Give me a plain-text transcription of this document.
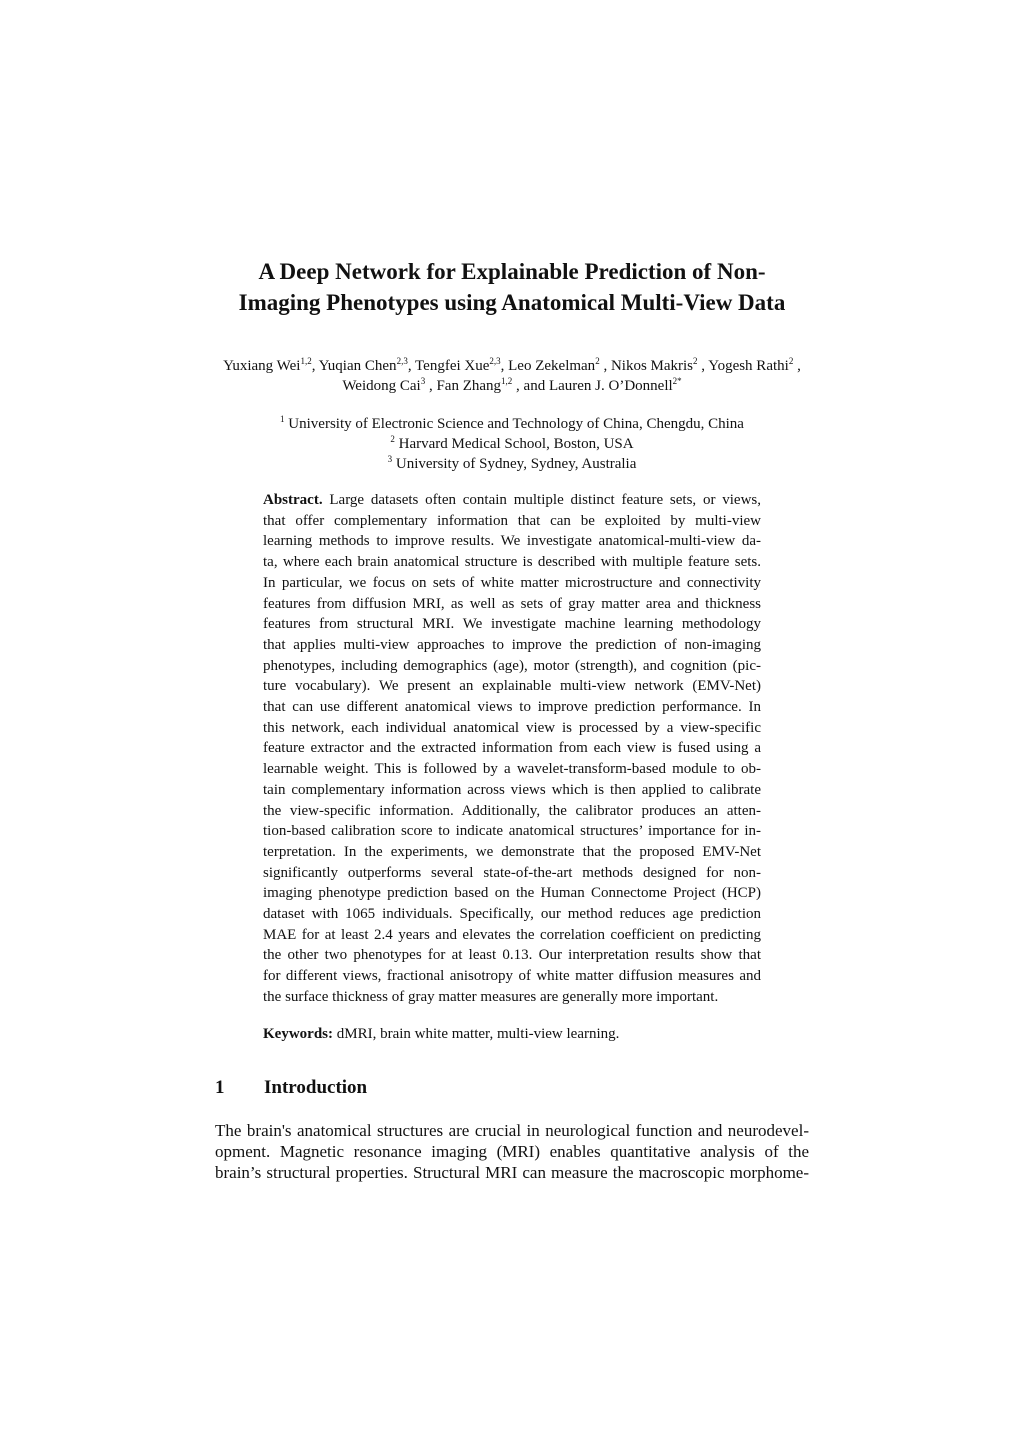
A Deep Network for Explainable Prediction of Non-
Imaging Phenotypes using Anatomical Multi-View Data
Yuxiang Wei$^{1,2}$, Yuqian Chen$^{2,3}$, Tengfei Xue$^{2,3}$, Leo Zekelman$^2$ , Nikos Makris$^2$ , Yogesh Rathi$^2$ , Weidong Cai$^3$ , Fan Zhang$^{1,2}$ , and Lauren J. O’Donnell$^{2*}$
$^1$ University of Electronic Science and Technology of China, Chengdu, China
$^2$ Harvard Medical School, Boston, USA
$^3$ University of Sydney, Sydney, Australia
Abstract. Large datasets often contain multiple distinct feature sets, or views,
that offer complementary information that can be exploited by multi-view
learning methods to improve results. We investigate anatomical-multi-view da-
ta, where each brain anatomical structure is described with multiple feature sets.
In particular, we focus on sets of white matter microstructure and connectivity
features from diffusion MRI, as well as sets of gray matter area and thickness
features from structural MRI. We investigate machine learning methodology
that applies multi-view approaches to improve the prediction of non-imaging
phenotypes, including demographics (age), motor (strength), and cognition (pic-
ture vocabulary). We present an explainable multi-view network (EMV-Net)
that can use different anatomical views to improve prediction performance. In
this network, each individual anatomical view is processed by a view-specific
feature extractor and the extracted information from each view is fused using a
learnable weight. This is followed by a wavelet-transform-based module to ob-
tain complementary information across views which is then applied to calibrate
the view-specific information. Additionally, the calibrator produces an atten-
tion-based calibration score to indicate anatomical structures’ importance for in-
terpretation. In the experiments, we demonstrate that the proposed EMV-Net
significantly outperforms several state-of-the-art methods designed for non-
imaging phenotype prediction based on the Human Connectome Project (HCP)
dataset with 1065 individuals. Specifically, our method reduces age prediction
MAE for at least 2.4 years and elevates the correlation coefficient on predicting
the other two phenotypes for at least 0.13. Our interpretation results show that
for different views, fractional anisotropy of white matter diffusion measures and
the surface thickness of gray matter measures are generally more important.
Keywords: dMRI, brain white matter, multi-view learning.
1 Introduction
The brain's anatomical structures are crucial in neurological function and neurodevel-
opment. Magnetic resonance imaging (MRI) enables quantitative analysis of the
brain’s structural properties. Structural MRI can measure the macroscopic morphome-
